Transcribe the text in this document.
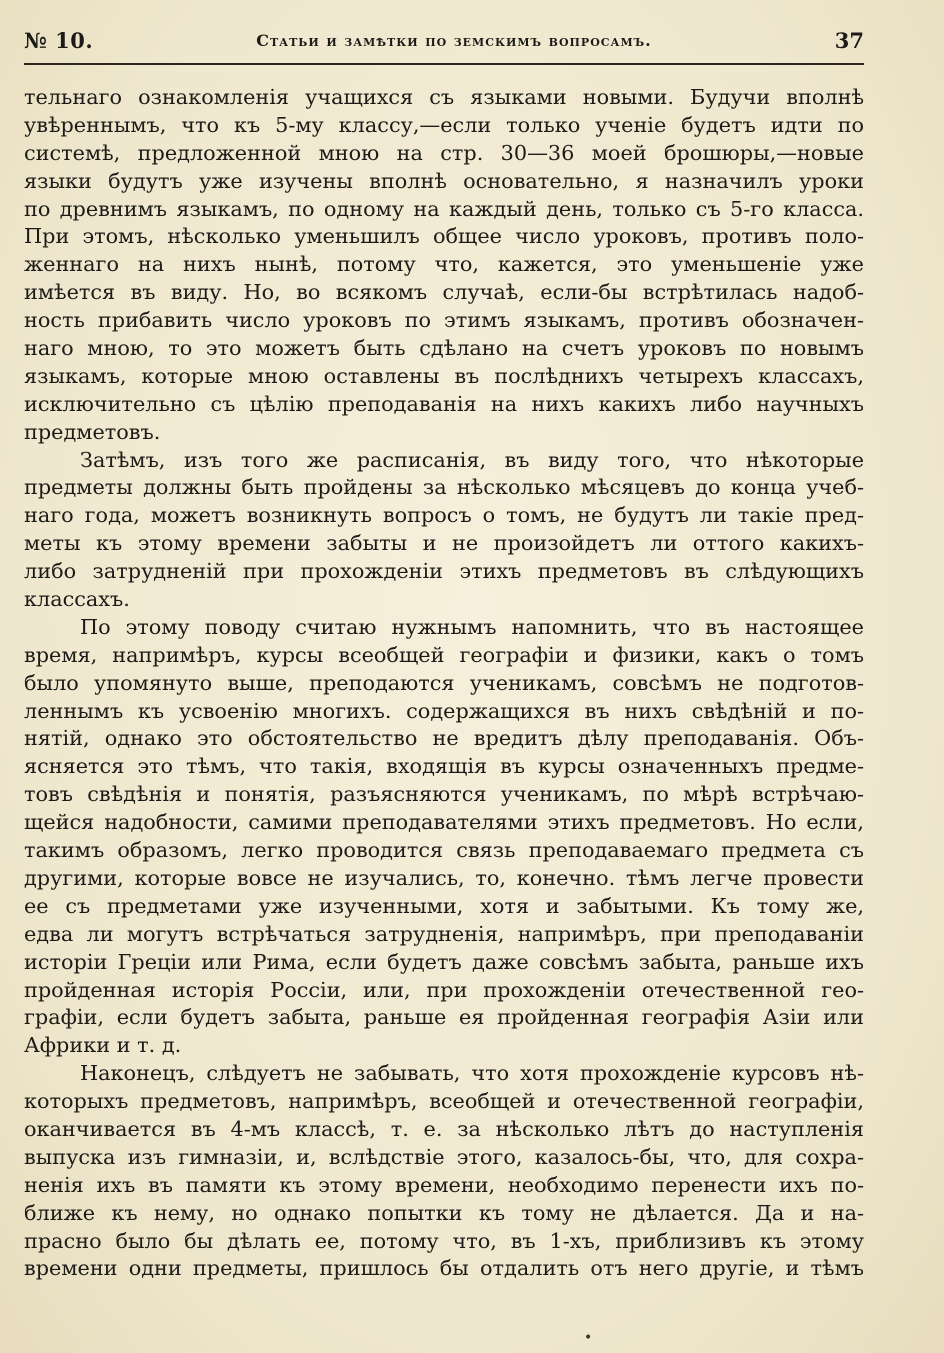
№ 10.	Статьи и замѣтки по земскимъ вопросамъ.	37
тельнаго ознакомленія учащихся съ языками новыми. Будучи вполнѣ
увѣреннымъ, что къ 5-му классу,—если только ученіе будетъ идти по
системѣ, предложенной мною на стр. 30—36 моей брошюры,—новые
языки будутъ уже изучены вполнѣ основательно, я назначилъ уроки
по древнимъ языкамъ, по одному на каждый день, только съ 5-го класса.
При этомъ, нѣсколько уменьшилъ общее число уроковъ, противъ поло-
женнаго на нихъ нынѣ, потому что, кажется, это уменьшеніе уже
имѣется въ виду. Но, во всякомъ случаѣ, если-бы встрѣтилась надоб-
ность прибавить число уроковъ по этимъ языкамъ, противъ обозначен-
наго мною, то это можетъ быть сдѣлано на счетъ уроковъ по новымъ
языкамъ, которые мною оставлены въ послѣднихъ четырехъ классахъ,
исключительно съ цѣлію преподаванія на нихъ какихъ либо научныхъ
предметовъ.
Затѣмъ, изъ того же расписанія, въ виду того, что нѣкоторые
предметы должны быть пройдены за нѣсколько мѣсяцевъ до конца учеб-
наго года, можетъ возникнуть вопросъ о томъ, не будутъ ли такіе пред-
меты къ этому времени забыты и не произойдетъ ли оттого какихъ-
либо затрудненій при прохожденіи этихъ предметовъ въ слѣдующихъ
классахъ.
По этому поводу считаю нужнымъ напомнить, что въ настоящее
время, напримѣръ, курсы всеобщей географіи и физики, какъ о томъ
было упомянуто выше, преподаются ученикамъ, совсѣмъ не подготов-
леннымъ къ усвоенію многихъ. содержащихся въ нихъ свѣдѣній и по-
нятій, однако это обстоятельство не вредитъ дѣлу преподаванія. Объ-
ясняется это тѣмъ, что такія, входящія въ курсы означенныхъ предме-
товъ свѣдѣнія и понятія, разъясняются ученикамъ, по мѣрѣ встрѣчаю-
щейся надобности, самими преподавателями этихъ предметовъ. Но если,
такимъ образомъ, легко проводится связь преподаваемаго предмета съ
другими, которые вовсе не изучались, то, конечно. тѣмъ легче провести
ее съ предметами уже изученными, хотя и забытыми. Къ тому же,
едва ли могутъ встрѣчаться затрудненія, напримѣръ, при преподаваніи
исторіи Греціи или Рима, если будетъ даже совсѣмъ забыта, раньше ихъ
пройденная исторія Россіи, или, при прохожденіи отечественной гео-
графіи, если будетъ забыта, раньше ея пройденная географія Азіи или
Африки и т. д.
Наконецъ, слѣдуетъ не забывать, что хотя прохожденіе курсовъ нѣ-
которыхъ предметовъ, напримѣръ, всеобщей и отечественной географіи,
оканчивается въ 4-мъ классѣ, т. е. за нѣсколько лѣтъ до наступленія
выпуска изъ гимназіи, и, вслѣдствіе этого, казалось-бы, что, для сохра-
ненія ихъ въ памяти къ этому времени, необходимо перенести ихъ по-
ближе къ нему, но однако попытки къ тому не дѣлается. Да и на-
прасно было бы дѣлать ее, потому что, въ 1-хъ, приблизивъ къ этому
времени одни предметы, пришлось бы отдалить отъ него другіе, и тѣмъ
•
